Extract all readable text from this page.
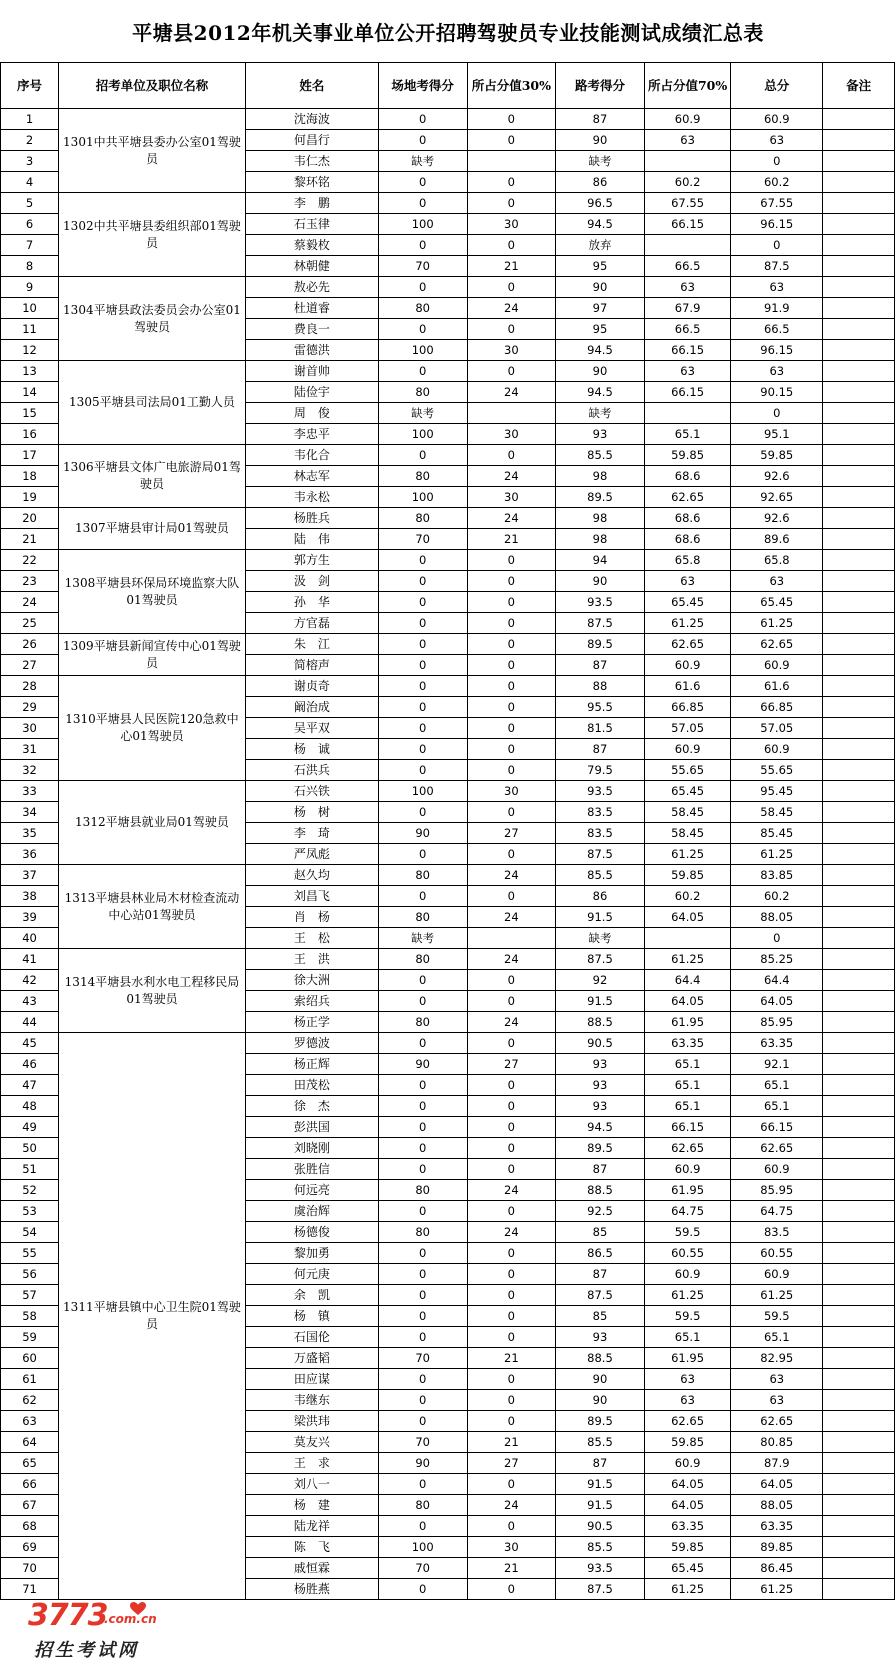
平塘县2012年机关事业单位公开招聘驾驶员专业技能测试成绩汇总表
序号	招考单位及职位名称	姓名	场地考得分	所占分值30%	路考得分	所占分值70%	总分	备注
1	1301中共平塘县委办公室01驾驶员	沈海波	0	0	87	60.9	60.9	
2		何昌行	0	0	90	63	63	
3		韦仁杰	缺考		缺考		0	
4		黎环铭	0	0	86	60.2	60.2	
5	1302中共平塘县委组织部01驾驶员	李　鹏	0	0	96.5	67.55	67.55	
6		石玉律	100	30	94.5	66.15	96.15	
7		蔡毅枚	0	0	放弃		0	
8		林朝健	70	21	95	66.5	87.5	
9	1304平塘县政法委员会办公室01驾驶员	敖必先	0	0	90	63	63	
10		杜道睿	80	24	97	67.9	91.9	
11		费良一	0	0	95	66.5	66.5	
12		雷德洪	100	30	94.5	66.15	96.15	
13	1305平塘县司法局01工勤人员	谢首帅	0	0	90	63	63	
14		陆俭宇	80	24	94.5	66.15	90.15	
15		周　俊	缺考		缺考		0	
16		李忠平	100	30	93	65.1	95.1	
17	1306平塘县文体广电旅游局01驾驶员	韦化合	0	0	85.5	59.85	59.85	
18		林志军	80	24	98	68.6	92.6	
19		韦永松	100	30	89.5	62.65	92.65	
20	1307平塘县审计局01驾驶员	杨胜兵	80	24	98	68.6	92.6	
21		陆　伟	70	21	98	68.6	89.6	
22	1308平塘县环保局环境监察大队01驾驶员	郭方生	0	0	94	65.8	65.8	
23		汲　剑	0	0	90	63	63	
24		孙　华	0	0	93.5	65.45	65.45	
25		方官磊	0	0	87.5	61.25	61.25	
26	1309平塘县新闻宣传中心01驾驶员	朱　江	0	0	89.5	62.65	62.65	
27		简榕声	0	0	87	60.9	60.9	
28	1310平塘县人民医院120急救中心01驾驶员	谢贞奇	0	0	88	61.6	61.6	
29		阚治成	0	0	95.5	66.85	66.85	
30		吴平双	0	0	81.5	57.05	57.05	
31		杨　诚	0	0	87	60.9	60.9	
32		石洪兵	0	0	79.5	55.65	55.65	
33	1312平塘县就业局01驾驶员	石兴铁	100	30	93.5	65.45	95.45	
34		杨　树	0	0	83.5	58.45	58.45	
35		李　琦	90	27	83.5	58.45	85.45	
36		严凤彪	0	0	87.5	61.25	61.25	
37	1313平塘县林业局木材检查流动中心站01驾驶员	赵久均	80	24	85.5	59.85	83.85	
38		刘昌飞	0	0	86	60.2	60.2	
39		肖　杨	80	24	91.5	64.05	88.05	
40		王　松	缺考		缺考		0	
41	1314平塘县水利水电工程移民局01驾驶员	王　洪	80	24	87.5	61.25	85.25	
42		徐大洲	0	0	92	64.4	64.4	
43		索绍兵	0	0	91.5	64.05	64.05	
44		杨正学	80	24	88.5	61.95	85.95	
45	1311平塘县镇中心卫生院01驾驶员	罗德波	0	0	90.5	63.35	63.35	
46		杨正辉	90	27	93	65.1	92.1	
47		田茂松	0	0	93	65.1	65.1	
48		徐　杰	0	0	93	65.1	65.1	
49		彭洪国	0	0	94.5	66.15	66.15	
50		刘晓刚	0	0	89.5	62.65	62.65	
51		张胜信	0	0	87	60.9	60.9	
52		何远亮	80	24	88.5	61.95	85.95	
53		虞治辉	0	0	92.5	64.75	64.75	
54		杨德俊	80	24	85	59.5	83.5	
55		黎加勇	0	0	86.5	60.55	60.55	
56		何元庚	0	0	87	60.9	60.9	
57		余　凯	0	0	87.5	61.25	61.25	
58		杨　镇	0	0	85	59.5	59.5	
59		石国伦	0	0	93	65.1	65.1	
60		万盛韬	70	21	88.5	61.95	82.95	
61		田应谋	0	0	90	63	63	
62		韦继东	0	0	90	63	63	
63		梁洪玮	0	0	89.5	62.65	62.65	
64		莫友兴	70	21	85.5	59.85	80.85	
65		王　求	90	27	87	60.9	87.9	
66		刘八一	0	0	91.5	64.05	64.05	
67		杨　建	80	24	91.5	64.05	88.05	
68		陆龙祥	0	0	90.5	63.35	63.35	
69		陈　飞	100	30	85.5	59.85	89.85	
70		戚恒霖	70	21	93.5	65.45	86.45	
71		杨胜燕	0	0	87.5	61.25	61.25	
3773
.com.cn
招生考试网
